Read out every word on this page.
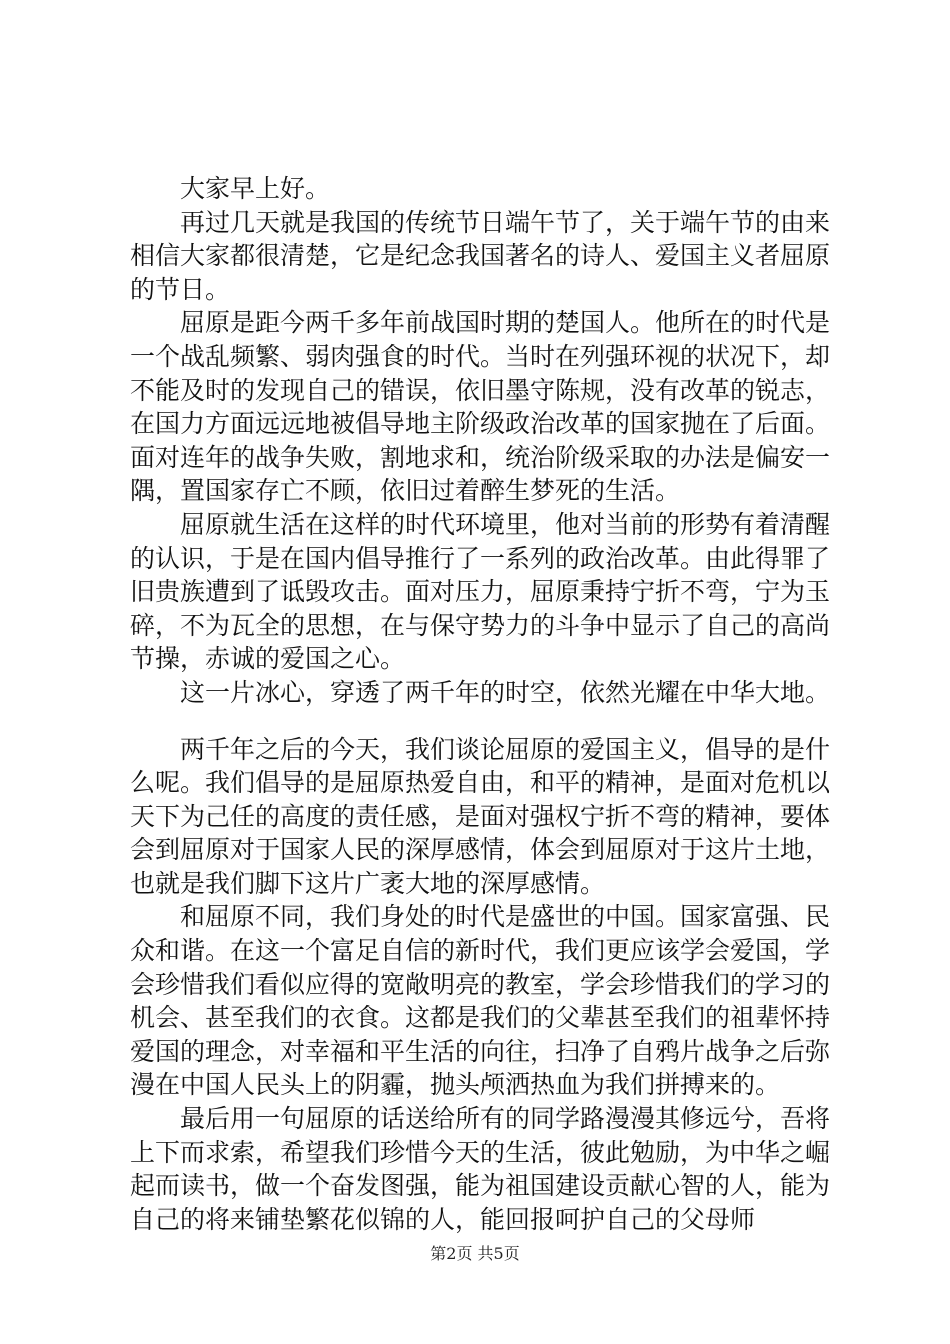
大家早上好。

再过几天就是我国的传统节日端午节了，关于端午节的由来相信大家都很清楚，它是纪念我国著名的诗人、爱国主义者屈原的节日。

屈原是距今两千多年前战国时期的楚国人。他所在的时代是一个战乱频繁、弱肉强食的时代。当时在列强环视的状况下，却不能及时的发现自己的错误，依旧墨守陈规，没有改革的锐志，在国力方面远远地被倡导地主阶级政治改革的国家抛在了后面。面对连年的战争失败，割地求和，统治阶级采取的办法是偏安一隅，置国家存亡不顾，依旧过着醉生梦死的生活。

屈原就生活在这样的时代环境里，他对当前的形势有着清醒的认识，于是在国内倡导推行了一系列的政治改革。由此得罪了旧贵族遭到了诋毁攻击。面对压力，屈原秉持宁折不弯，宁为玉碎，不为瓦全的思想，在与保守势力的斗争中显示了自己的高尚节操，赤诚的爱国之心。

这一片冰心，穿透了两千年的时空，依然光耀在中华大地。

两千年之后的今天，我们谈论屈原的爱国主义，倡导的是什么呢。我们倡导的是屈原热爱自由，和平的精神，是面对危机以天下为己任的高度的责任感，是面对强权宁折不弯的精神，要体会到屈原对于国家人民的深厚感情，体会到屈原对于这片土地，也就是我们脚下这片广袤大地的深厚感情。

和屈原不同，我们身处的时代是盛世的中国。国家富强、民众和谐。在这一个富足自信的新时代，我们更应该学会爱国，学会珍惜我们看似应得的宽敞明亮的教室，学会珍惜我们的学习的机会、甚至我们的衣食。这都是我们的父辈甚至我们的祖辈怀持爱国的理念，对幸福和平生活的向往，扫净了自鸦片战争之后弥漫在中国人民头上的阴霾，抛头颅洒热血为我们拼搏来的。

最后用一句屈原的话送给所有的同学路漫漫其修远兮，吾将上下而求索，希望我们珍惜今天的生活，彼此勉励，为中华之崛起而读书，做一个奋发图强，能为祖国建设贡献心智的人，能为自己的将来铺垫繁花似锦的人，能回报呵护自己的父母师

第2页 共5页
